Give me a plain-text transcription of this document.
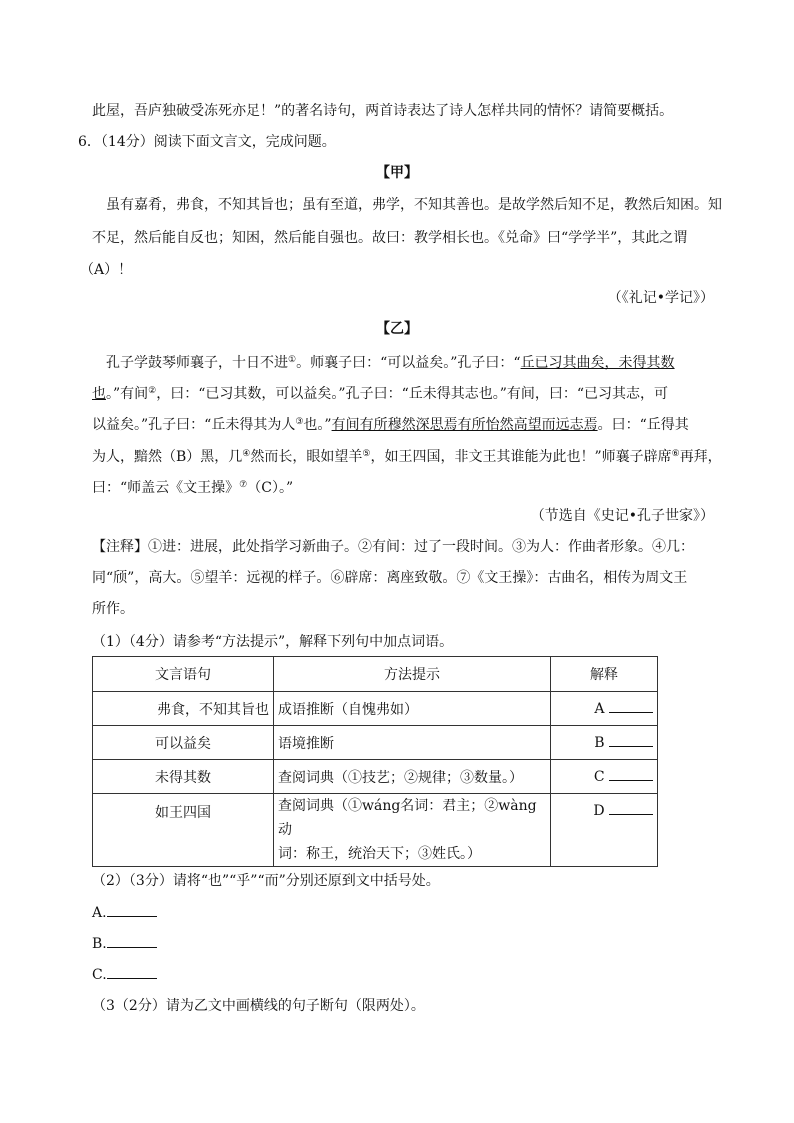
此屋，吾庐独破受冻死亦足！”的著名诗句，两首诗表达了诗人怎样共同的情怀？请简要概括。
6．（14分）阅读下面文言文，完成问题。
【甲】
虽有嘉肴，弗食，不知其旨也；虽有至道，弗学，不知其善也。是故学然后知不足，教然后知困。知
不足，然后能自反也；知困，然后能自强也。故曰：教学相长也。《兑命》曰“学学半”，其此之谓
（A）！
（《礼记•学记》）
【乙】
孔子学鼓琴师襄子，十日不进①。师襄子曰：“可以益矣。”孔子曰：“丘已习其曲矣，未得其数
也。”有间②，曰：“已习其数，可以益矣。”孔子曰：“丘未得其志也。”有间，曰：“已习其志，可
以益矣。”孔子曰：“丘未得其为人③也。”有间有所穆然深思焉有所怡然高望而远志焉。曰：“丘得其
为人，黯然（B）黑，几④然而长，眼如望羊⑤，如王四国，非文王其谁能为此也！”师襄子辟席⑥再拜，
曰：“师盖云《文王操》⑦（C）。”
（节选自《史记•孔子世家》）
【注释】①进：进展，此处指学习新曲子。②有间：过了一段时间。③为人：作曲者形象。④几：
同“颀”，高大。⑤望羊：远视的样子。⑥辟席：离座致敬。⑦《文王操》：古曲名，相传为周文王
所作。
（1）（4分）请参考“方法提示”，解释下列句中加点词语。
文言语句	方法提示	解释
弗食，不知其旨也	成语推断（自愧弗如）	A
可以益矣	语境推断	B
未得其数	查阅词典（①技艺；②规律；③数量。）	C
如王四国	查阅词典（①wáng名词：君主；②wàng动
词：称王，统治天下；③姓氏。）	D
（2）（3分）请将“也”“乎”“而”分别还原到文中括号处。
A.
B.
C.
（3（2分）请为乙文中画横线的句子断句（限两处）。
